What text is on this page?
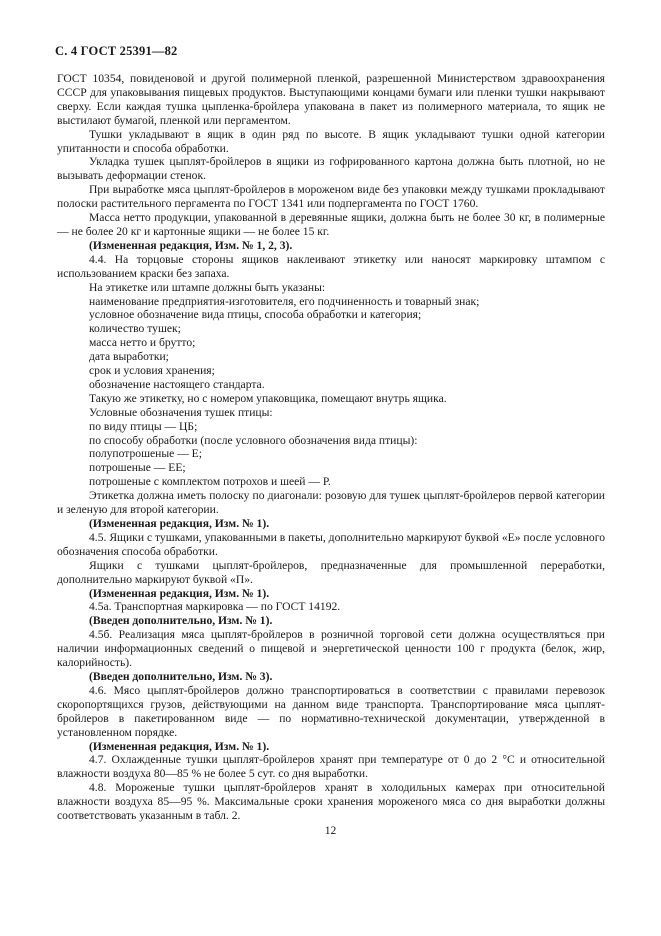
С. 4 ГОСТ 25391—82

ГОСТ 10354, повиденовой и другой полимерной пленкой, разрешенной Министерством здравоохранения СССР для упаковывания пищевых продуктов. Выступающими концами бумаги или пленки тушки накрывают сверху. Если каждая тушка цыпленка-бройлера упакована в пакет из полимерного материала, то ящик не выстилают бумагой, пленкой или пергаментом.

Тушки укладывают в ящик в один ряд по высоте. В ящик укладывают тушки одной категории упитанности и способа обработки.

Укладка тушек цыплят-бройлеров в ящики из гофрированного картона должна быть плотной, но не вызывать деформации стенок.

При выработке мяса цыплят-бройлеров в мороженом виде без упаковки между тушками прокладывают полоски растительного пергамента по ГОСТ 1341 или подпергамента по ГОСТ 1760.

Масса нетто продукции, упакованной в деревянные ящики, должна быть не более 30 кг, в полимерные — не более 20 кг и картонные ящики — не более 15 кг.

(Измененная редакция, Изм. № 1, 2, 3).

4.4. На торцовые стороны ящиков наклеивают этикетку или наносят маркировку штампом с использованием краски без запаха.

На этикетке или штампе должны быть указаны:

наименование предприятия-изготовителя, его подчиненность и товарный знак;

условное обозначение вида птицы, способа обработки и категория;

количество тушек;

масса нетто и брутто;

дата выработки;

срок и условия хранения;

обозначение настоящего стандарта.

Такую же этикетку, но с номером упаковщика, помещают внутрь ящика.

Условные обозначения тушек птицы:

по виду птицы — ЦБ;

по способу обработки (после условного обозначения вида птицы):

полупотрошеные — Е;

потрошеные — ЕЕ;

потрошеные с комплектом потрохов и шеей — Р.

Этикетка должна иметь полоску по диагонали: розовую для тушек цыплят-бройлеров первой категории и зеленую для второй категории.

(Измененная редакция, Изм. № 1).

4.5. Ящики с тушками, упакованными в пакеты, дополнительно маркируют буквой «Е» после условного обозначения способа обработки.

Ящики с тушками цыплят-бройлеров, предназначенные для промышленной переработки, дополнительно маркируют буквой «П».

(Измененная редакция, Изм. № 1).

4.5а. Транспортная маркировка — по ГОСТ 14192.

(Введен дополнительно, Изм. № 1).

4.5б. Реализация мяса цыплят-бройлеров в розничной торговой сети должна осуществляться при наличии информационных сведений о пищевой и энергетической ценности 100 г продукта (белок, жир, калорийность).

(Введен дополнительно, Изм. № 3).

4.6. Мясо цыплят-бройлеров должно транспортироваться в соответствии с правилами перевозок скоропортящихся грузов, действующими на данном виде транспорта. Транспортирование мяса цыплят-бройлеров в пакетированном виде — по нормативно-технической документации, утвержденной в установленном порядке.

(Измененная редакция, Изм. № 1).

4.7. Охлажденные тушки цыплят-бройлеров хранят при температуре от 0 до 2 °С и относительной влажности воздуха 80—85 % не более 5 сут. со дня выработки.

4.8. Мороженые тушки цыплят-бройлеров хранят в холодильных камерах при относительной влажности воздуха 85—95 %. Максимальные сроки хранения мороженого мяса со дня выработки должны соответствовать указанным в табл. 2.

12
